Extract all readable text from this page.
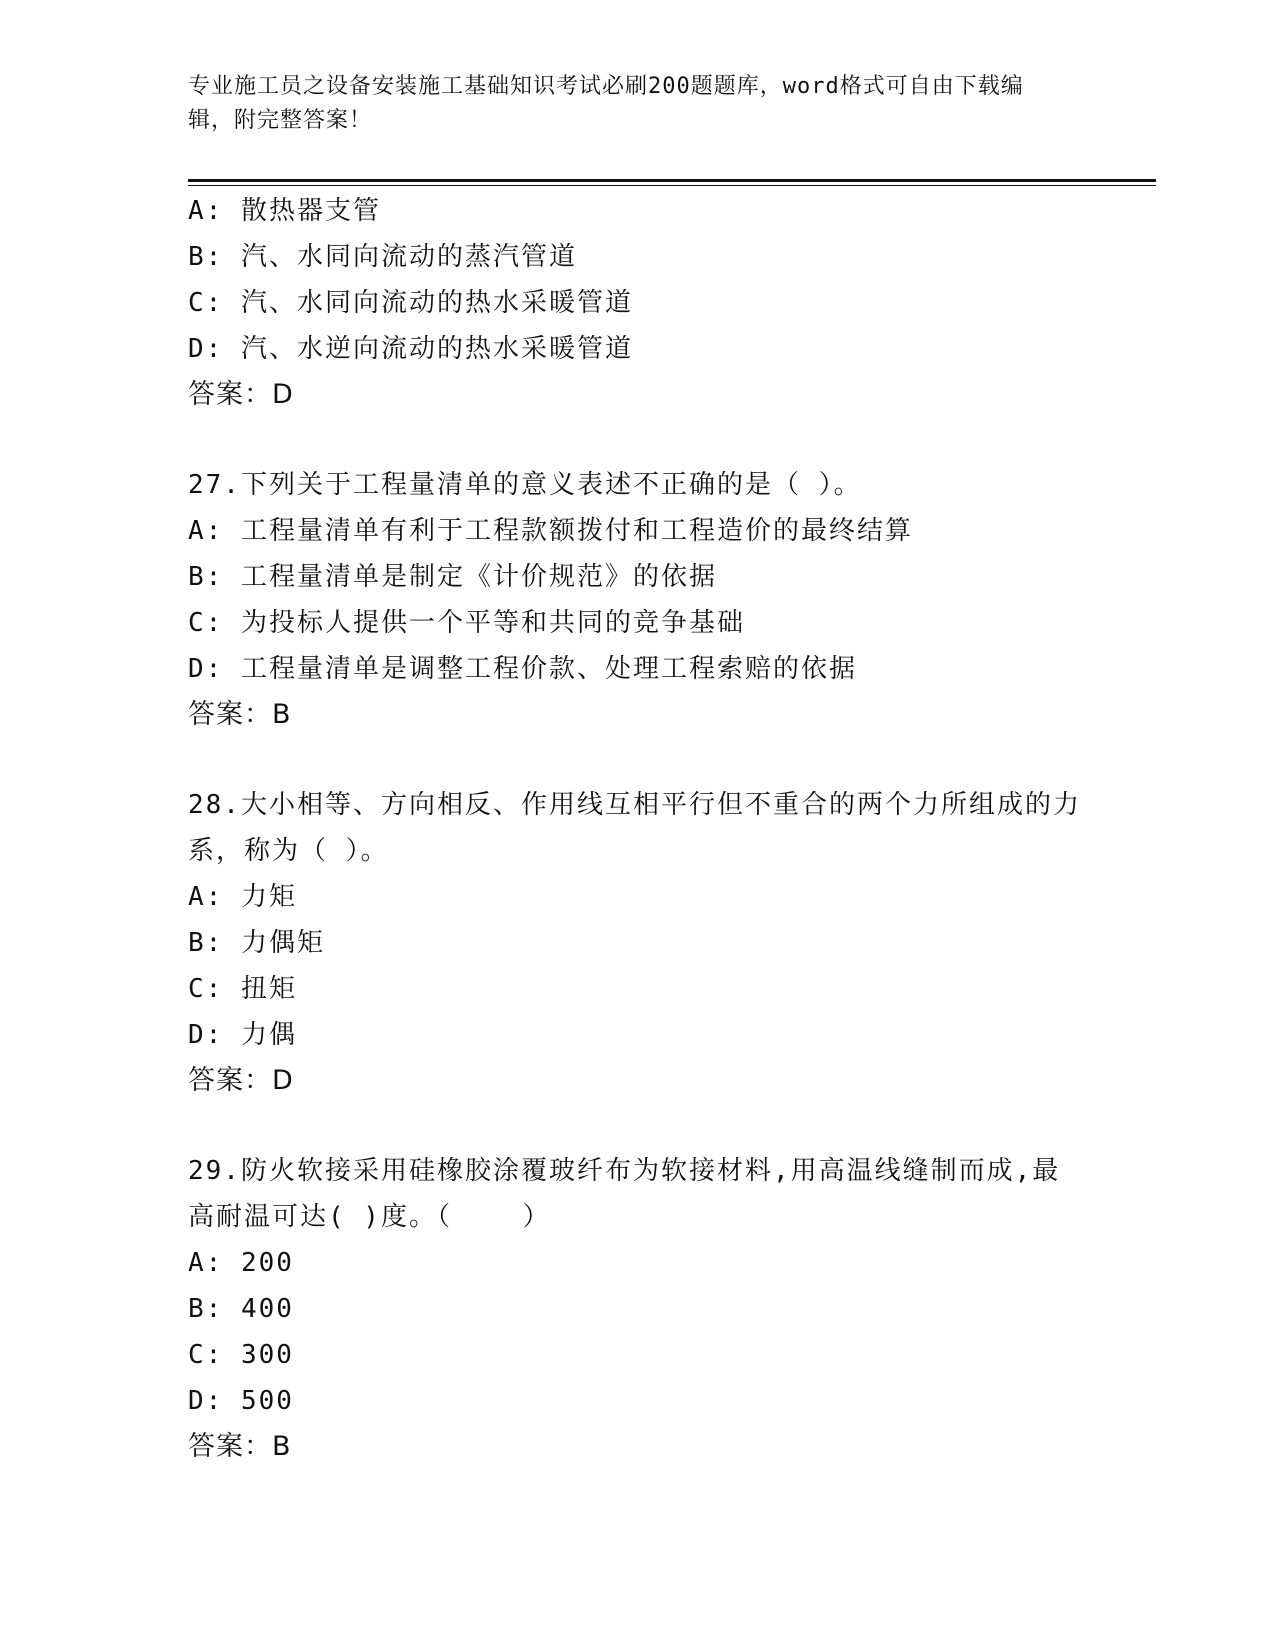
专业施工员之设备安装施工基础知识考试必刷200题题库，word格式可自由下载编辑，附完整答案！
A: 散热器支管
B: 汽、水同向流动的蒸汽管道
C: 汽、水同向流动的热水采暖管道
D: 汽、水逆向流动的热水采暖管道
答案：D
27.下列关于工程量清单的意义表述不正确的是（ ）。
A: 工程量清单有利于工程款额拨付和工程造价的最终结算
B: 工程量清单是制定《计价规范》的依据
C: 为投标人提供一个平等和共同的竞争基础
D: 工程量清单是调整工程价款、处理工程索赔的依据
答案：B
28.大小相等、方向相反、作用线互相平行但不重合的两个力所组成的力系，称为（ ）。
A: 力矩
B: 力偶矩
C: 扭矩
D: 力偶
答案：D
29.防火软接采用硅橡胶涂覆玻纤布为软接材料,用高温线缝制而成,最高耐温可达( )度。（    ）
A: 200
B: 400
C: 300
D: 500
答案：B
